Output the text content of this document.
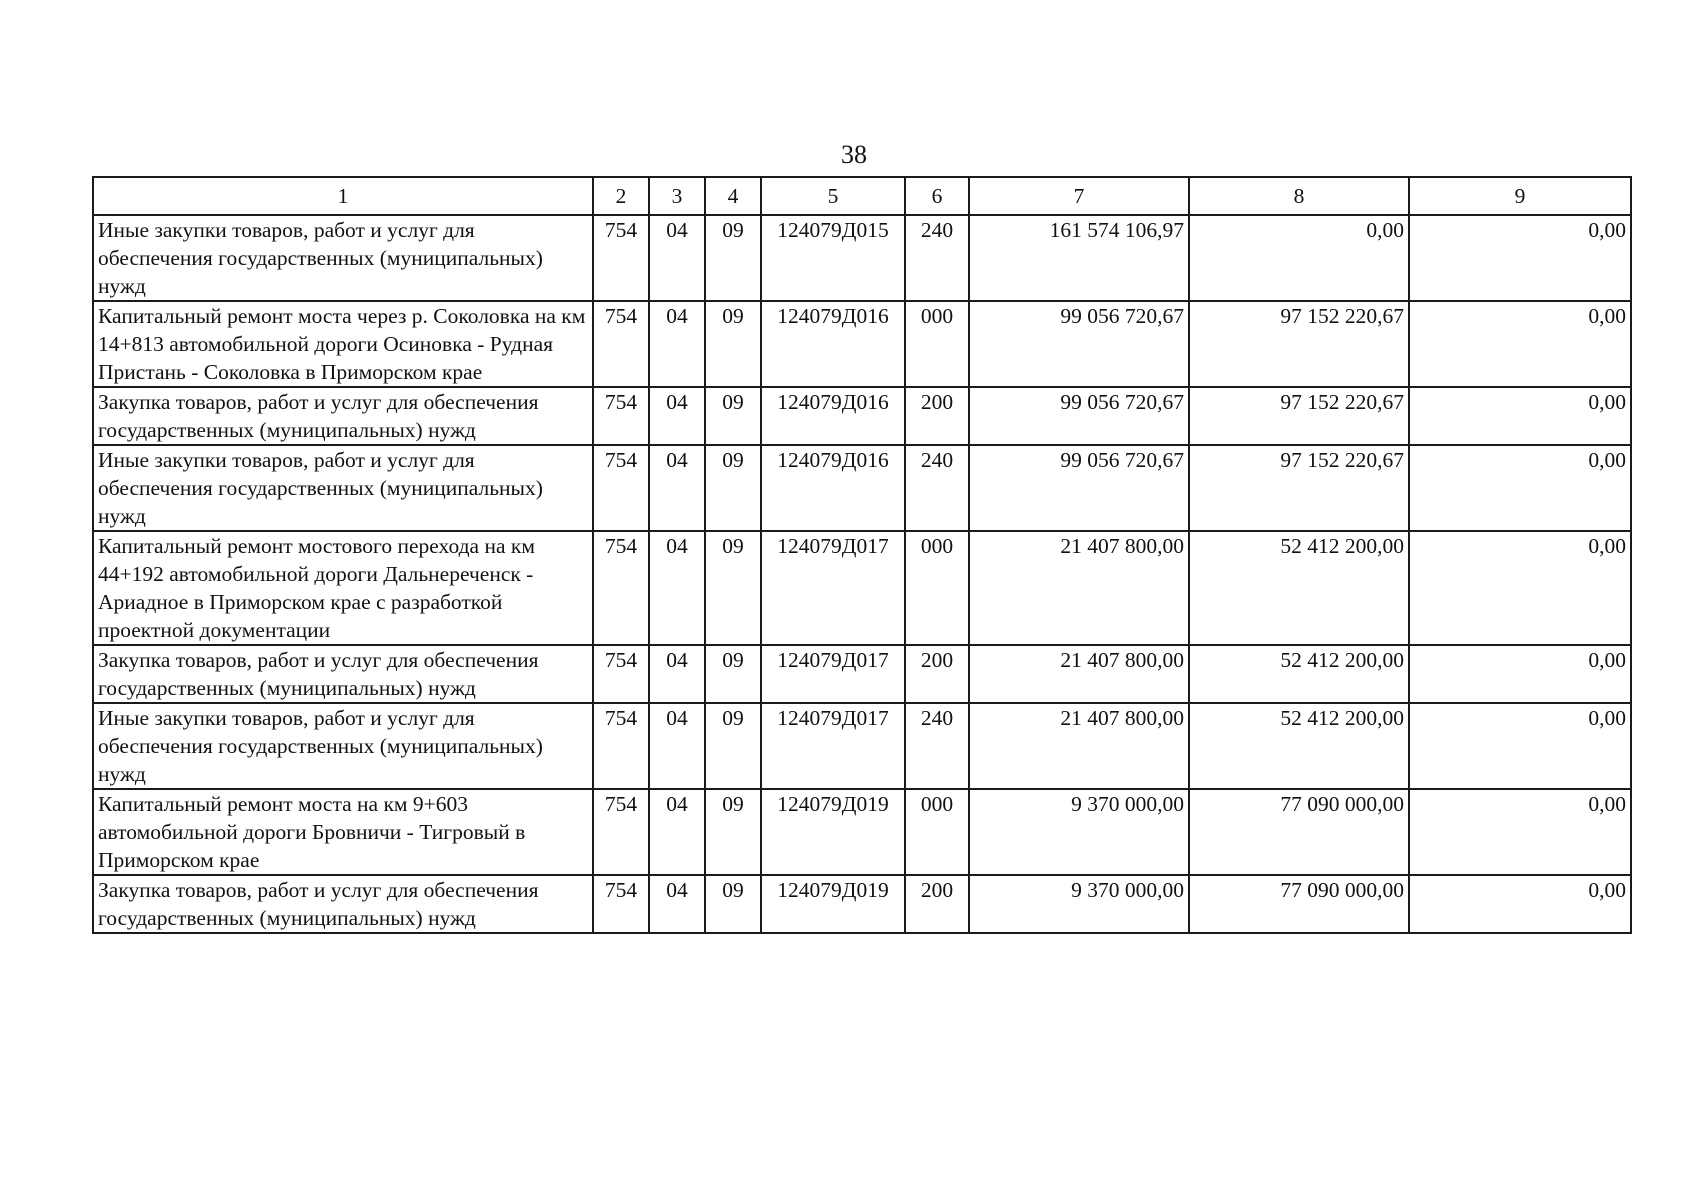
38
1	2	3	4	5	6	7	8	9
Иные закупки товаров, работ и услуг для обеспечения государственных (муниципальных) нужд	754	04	09	124079Д015	240	161 574 106,97	0,00	0,00
Капитальный ремонт моста через р. Соколовка на км 14+813 автомобильной дороги Осиновка - Рудная Пристань - Соколовка в Приморском крае	754	04	09	124079Д016	000	99 056 720,67	97 152 220,67	0,00
Закупка товаров, работ и услуг для обеспечения государственных (муниципальных) нужд	754	04	09	124079Д016	200	99 056 720,67	97 152 220,67	0,00
Иные закупки товаров, работ и услуг для обеспечения государственных (муниципальных) нужд	754	04	09	124079Д016	240	99 056 720,67	97 152 220,67	0,00
Капитальный ремонт мостового перехода на км 44+192 автомобильной дороги Дальнереченск - Ариадное в Приморском крае с разработкой проектной документации	754	04	09	124079Д017	000	21 407 800,00	52 412 200,00	0,00
Закупка товаров, работ и услуг для обеспечения государственных (муниципальных) нужд	754	04	09	124079Д017	200	21 407 800,00	52 412 200,00	0,00
Иные закупки товаров, работ и услуг для обеспечения государственных (муниципальных) нужд	754	04	09	124079Д017	240	21 407 800,00	52 412 200,00	0,00
Капитальный ремонт моста на км 9+603 автомобильной дороги Бровничи - Тигровый в Приморском крае	754	04	09	124079Д019	000	9 370 000,00	77 090 000,00	0,00
Закупка товаров, работ и услуг для обеспечения государственных (муниципальных) нужд	754	04	09	124079Д019	200	9 370 000,00	77 090 000,00	0,00
